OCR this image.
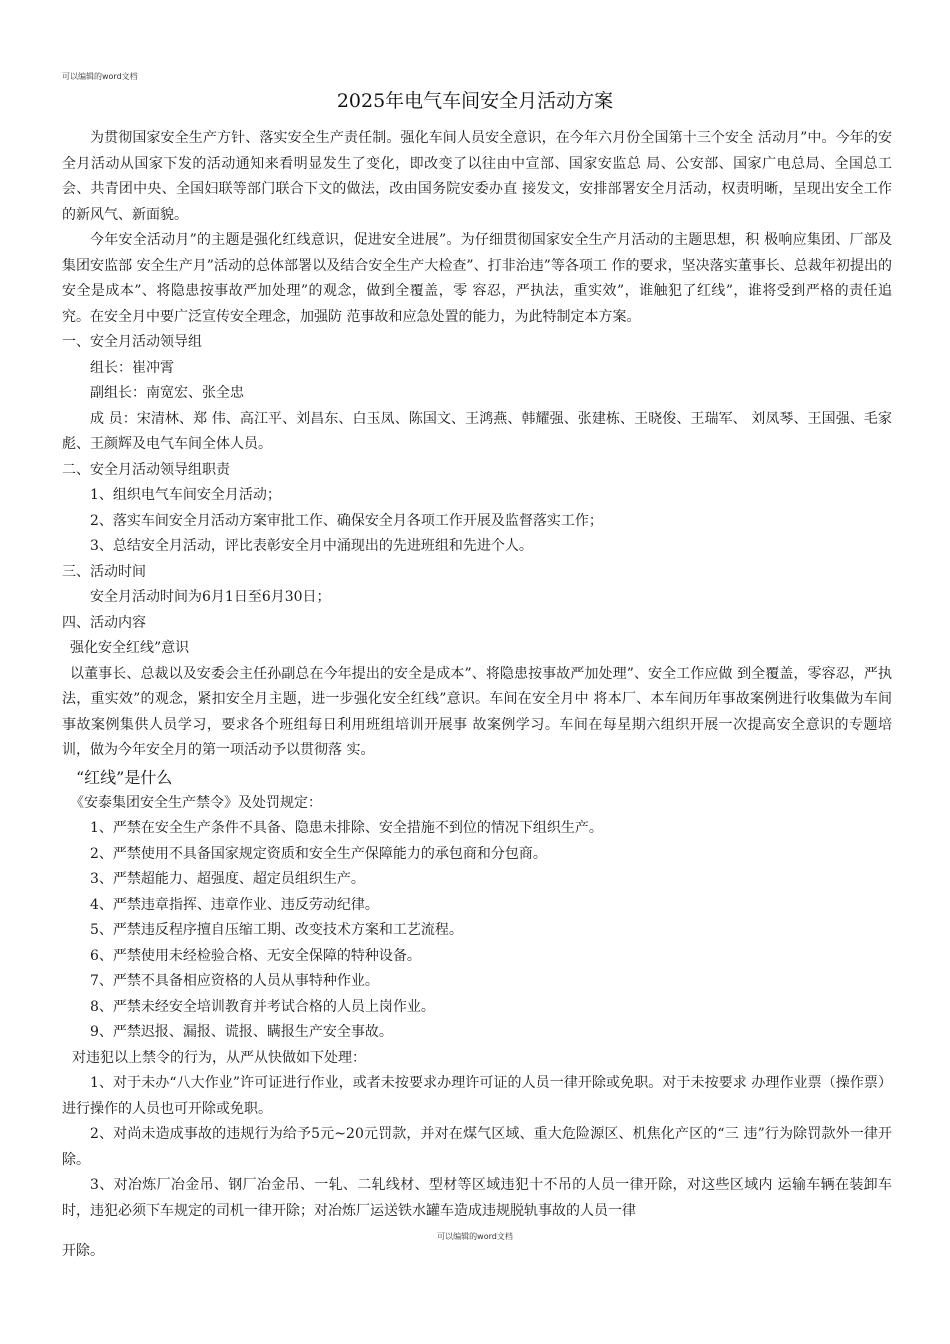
可以编辑的word文档
2025年电气车间安全月活动方案

为贯彻国家安全生产方针、落实安全生产责任制。强化车间人员安全意识，在今年六月份全国第十三个安全 活动月”中。今年的安全月活动从国家下发的活动通知来看明显发生了变化，即改变了以往由中宣部、国家安监总 局、公安部、国家广电总局、全国总工会、共青团中央、全国妇联等部门联合下文的做法，改由国务院安委办直 接发文，安排部署安全月活动，权责明晰，呈现出安全工作的新风气、新面貌。

今年安全活动月”的主题是强化红线意识，促进安全进展”。为仔细贯彻国家安全生产月活动的主题思想，积 极响应集团、厂部及集团安监部 安全生产月”活动的总体部署以及结合安全生产大检查”、打非治违”等各项工 作的要求，坚决落实董事长、总裁年初提出的安全是成本”、将隐患按事故严加处理”的观念，做到全覆盖，零 容忍，严执法，重实效”，谁触犯了红线”，谁将受到严格的责任追究。在安全月中要广泛宣传安全理念，加强防 范事故和应急处置的能力，为此特制定本方案。

一、安全月活动领导组

组长：崔冲霄

副组长：南宽宏、张全忠

成 员：宋清林、郑 伟、高江平、刘昌东、白玉凤、陈国文、王鸿燕、韩耀强、张建栋、王晓俊、王瑞军、 刘凤琴、王国强、毛家彪、王颜辉及电气车间全体人员。

二、安全月活动领导组职责

1、组织电气车间安全月活动；

2、落实车间安全月活动方案审批工作、确保安全月各项工作开展及监督落实工作；

3、总结安全月活动，评比表彰安全月中涌现出的先进班组和先进个人。

三、活动时间

安全月活动时间为6月1日至6月30日；

四、活动内容

强化安全红线”意识

以董事长、总裁以及安委会主任孙副总在今年提出的安全是成本”、将隐患按事故严加处理”、安全工作应做 到全覆盖，零容忍，严执法，重实效”的观念，紧扣安全月主题，进一步强化安全红线”意识。车间在安全月中 将本厂、本车间历年事故案例进行收集做为车间事故案例集供人员学习，要求各个班组每日利用班组培训开展事 故案例学习。车间在每星期六组织开展一次提高安全意识的专题培训，做为今年安全月的第一项活动予以贯彻落 实。

“红线”是什么

《安泰集团安全生产禁令》及处罚规定：

1、严禁在安全生产条件不具备、隐患未排除、安全措施不到位的情况下组织生产。

2、严禁使用不具备国家规定资质和安全生产保障能力的承包商和分包商。

3、严禁超能力、超强度、超定员组织生产。

4、严禁违章指挥、违章作业、违反劳动纪律。

5、严禁违反程序擅自压缩工期、改变技术方案和工艺流程。

6、严禁使用未经检验合格、无安全保障的特种设备。

7、严禁不具备相应资格的人员从事特种作业。

8、严禁未经安全培训教育并考试合格的人员上岗作业。

9、严禁迟报、漏报、谎报、瞒报生产安全事故。

对违犯以上禁令的行为，从严从快做如下处理：

1、对于未办“八大作业”许可证进行作业，或者未按要求办理许可证的人员一律开除或免职。对于未按要求 办理作业票（操作票）进行操作的人员也可开除或免职。

2、对尚未造成事故的违规行为给予5元~20元罚款，并对在煤气区域、重大危险源区、机焦化产区的“三 违”行为除罚款外一律开除。

3、对冶炼厂冶金吊、钢厂冶金吊、一轧、二轧线材、型材等区域违犯十不吊的人员一律开除，对这些区域内 运输车辆在装卸车时，违犯必须下车规定的司机一律开除；对冶炼厂运送铁水罐车造成违规脱轨事故的人员一律

可以编辑的word文档
开除。
